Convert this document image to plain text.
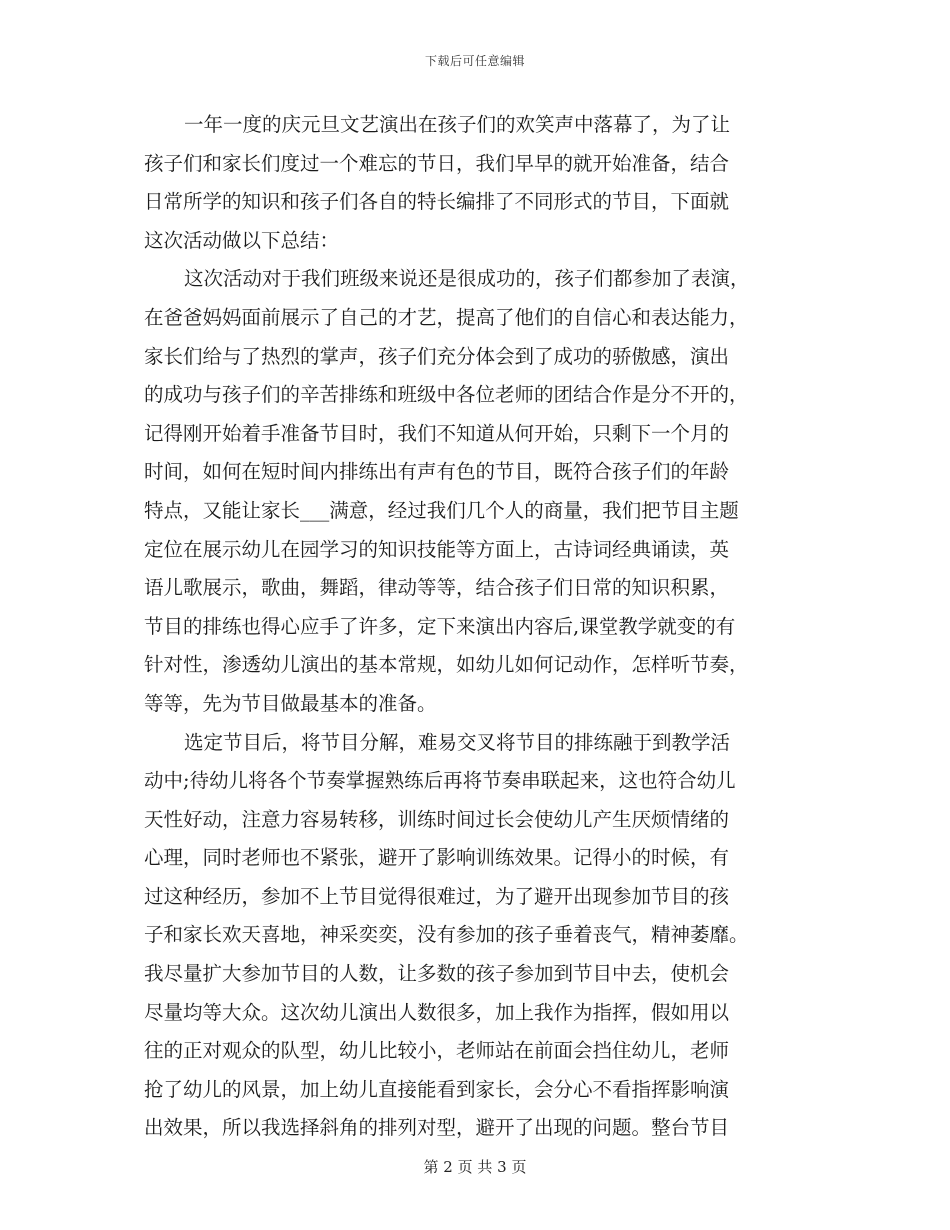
下载后可任意编辑

一年一度的庆元旦文艺演出在孩子们的欢笑声中落幕了，为了让
孩子们和家长们度过一个难忘的节日，我们早早的就开始准备，结合
日常所学的知识和孩子们各自的特长编排了不同形式的节目，下面就
这次活动做以下总结：

这次活动对于我们班级来说还是很成功的，孩子们都参加了表演，
在爸爸妈妈面前展示了自己的才艺，提高了他们的自信心和表达能力，
家长们给与了热烈的掌声，孩子们充分体会到了成功的骄傲感，演出
的成功与孩子们的辛苦排练和班级中各位老师的团结合作是分不开的，
记得刚开始着手准备节目时，我们不知道从何开始，只剩下一个月的
时间，如何在短时间内排练出有声有色的节目，既符合孩子们的年龄
特点，又能让家长___满意，经过我们几个人的商量，我们把节目主题
定位在展示幼儿在园学习的知识技能等方面上，古诗词经典诵读，英
语儿歌展示，歌曲，舞蹈，律动等等，结合孩子们日常的知识积累，
节目的排练也得心应手了许多，定下来演出内容后,课堂教学就变的有
针对性，渗透幼儿演出的基本常规，如幼儿如何记动作，怎样听节奏，
等等，先为节目做最基本的准备。

选定节目后，将节目分解，难易交叉将节目的排练融于到教学活
动中;待幼儿将各个节奏掌握熟练后再将节奏串联起来，这也符合幼儿
天性好动，注意力容易转移，训练时间过长会使幼儿产生厌烦情绪的
心理，同时老师也不紧张，避开了影响训练效果。记得小的时候，有
过这种经历，参加不上节目觉得很难过，为了避开出现参加节目的孩
子和家长欢天喜地，神采奕奕，没有参加的孩子垂着丧气，精神萎靡。
我尽量扩大参加节目的人数，让多数的孩子参加到节目中去，使机会
尽量均等大众。这次幼儿演出人数很多，加上我作为指挥，假如用以
往的正对观众的队型，幼儿比较小，老师站在前面会挡住幼儿，老师
抢了幼儿的风景，加上幼儿直接能看到家长，会分心不看指挥影响演
出效果，所以我选择斜角的排列对型，避开了出现的问题。整台节目

第 2 页 共 3 页
